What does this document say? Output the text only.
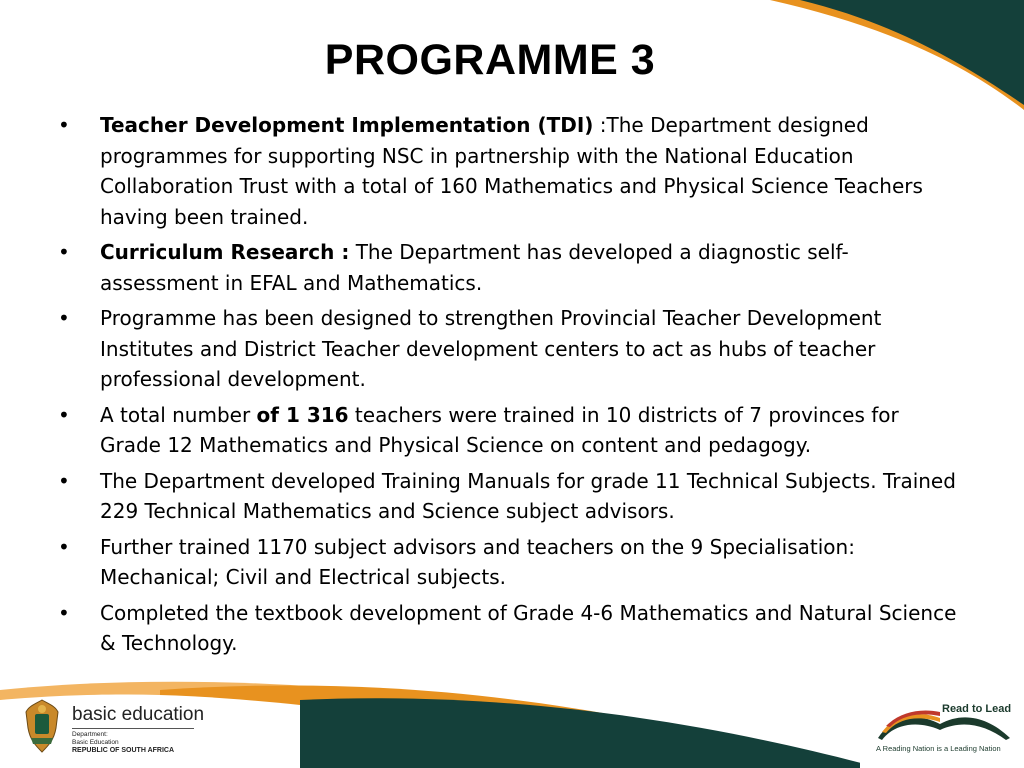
PROGRAMME 3
• Teacher Development Implementation (TDI) :The Department designed programmes for supporting NSC in partnership with the National Education Collaboration Trust with a total of 160 Mathematics and Physical Science Teachers having been trained.
• Curriculum Research : The Department has developed a diagnostic self-assessment in EFAL and Mathematics.
• Programme has been designed to strengthen Provincial Teacher Development Institutes and District Teacher development centers to act as hubs of teacher professional development.
• A total number of 1 316 teachers were trained in 10 districts of 7 provinces for Grade 12 Mathematics and Physical Science on content and pedagogy.
• The Department developed Training Manuals for grade 11 Technical Subjects. Trained 229 Technical Mathematics and Science subject advisors.
• Further trained 1170 subject advisors and teachers on the 9 Specialisation: Mechanical; Civil and Electrical subjects.
• Completed the textbook development of Grade 4-6 Mathematics and Natural Science & Technology.
basic education
Department:
Basic Education
REPUBLIC OF SOUTH AFRICA
Read to Lead
A Reading Nation is a Leading Nation
